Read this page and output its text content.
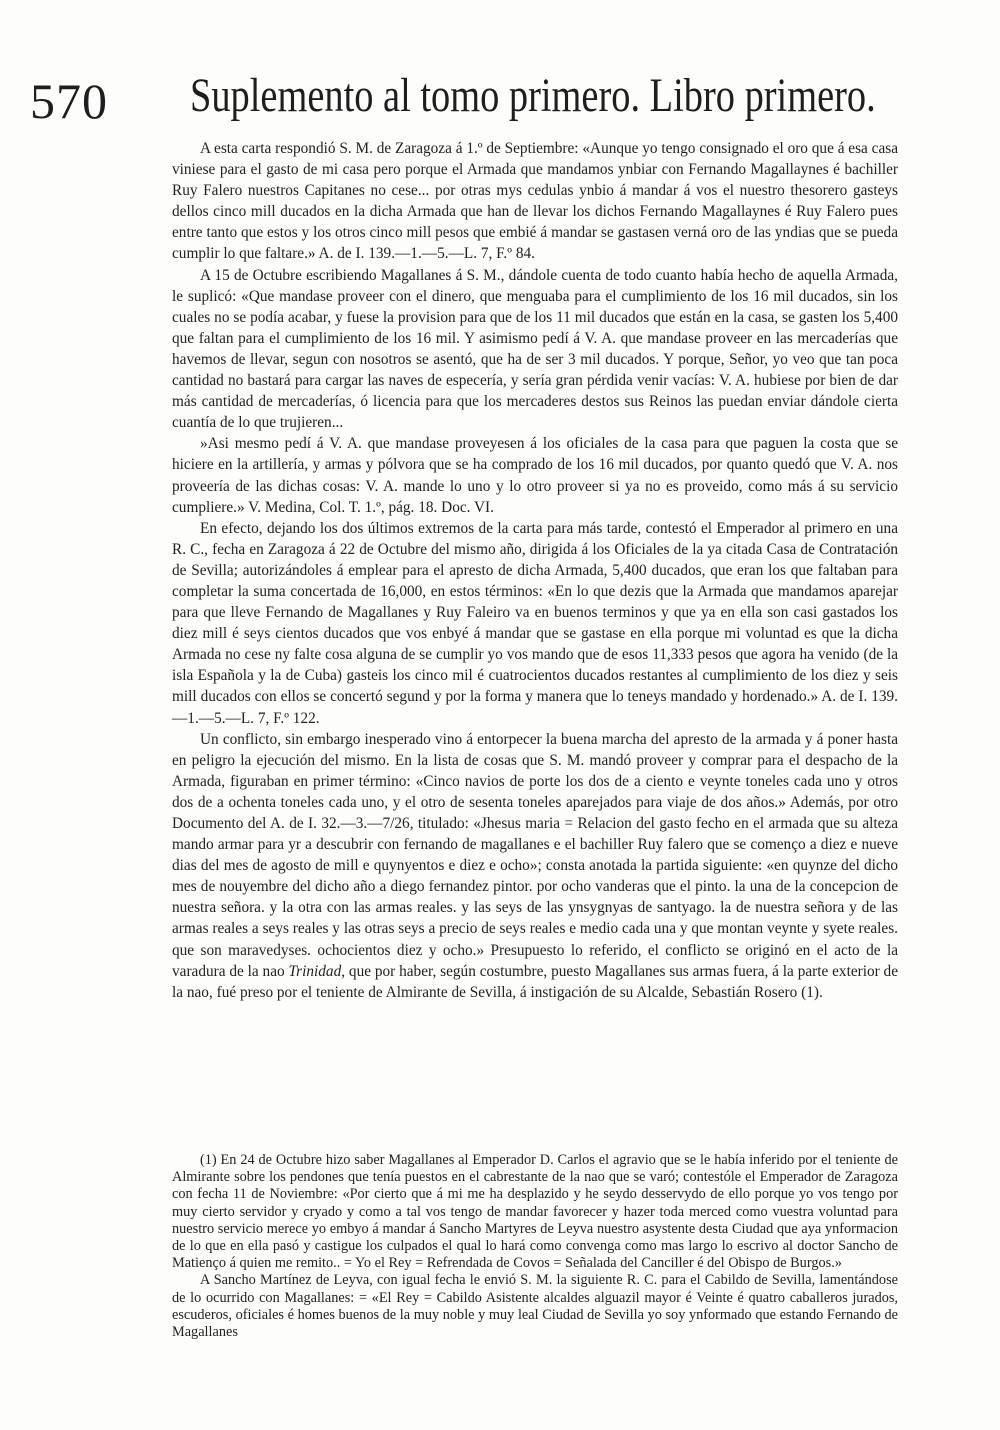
570 Suplemento al tomo primero. Libro primero.

A esta carta respondió S. M. de Zaragoza á 1.º de Septiembre: «Aunque yo tengo consignado el oro que á esa casa viniese para el gasto de mi casa pero porque el Armada que mandamos ynbiar con Fernando Magallaynes é bachiller Ruy Falero nuestros Capitanes no cese... por otras mys cedulas ynbio á mandar á vos el nuestro thesorero gasteys dellos cinco mill ducados en la dicha Armada que han de llevar los dichos Fernando Magallaynes é Ruy Falero pues entre tanto que estos y los otros cinco mill pesos que embié á mandar se gastasen verná oro de las yndias que se pueda cumplir lo que faltare.» A. de I. 139.—1.—5.—L. 7, F.º 84.

A 15 de Octubre escribiendo Magallanes á S. M., dándole cuenta de todo cuanto había hecho de aquella Armada, le suplicó: «Que mandase proveer con el dinero, que menguaba para el cumplimiento de los 16 mil ducados, sin los cuales no se podía acabar, y fuese la provision para que de los 11 mil ducados que están en la casa, se gasten los 5,400 que faltan para el cumplimiento de los 16 mil. Y asimismo pedí á V. A. que mandase proveer en las mercaderías que havemos de llevar, segun con nosotros se asentó, que ha de ser 3 mil ducados. Y porque, Señor, yo veo que tan poca cantidad no bastará para cargar las naves de especería, y sería gran pérdida venir vacías: V. A. hubiese por bien de dar más cantidad de mercaderías, ó licencia para que los mercaderes destos sus Reinos las puedan enviar dándole cierta cuantía de lo que trujieren...

»Asi mesmo pedí á V. A. que mandase proveyesen á los oficiales de la casa para que paguen la costa que se hiciere en la artillería, y armas y pólvora que se ha comprado de los 16 mil ducados, por quanto quedó que V. A. nos proveería de las dichas cosas: V. A. mande lo uno y lo otro proveer si ya no es proveido, como más á su servicio cumpliere.» V. Medina, Col. T. 1.º, pág. 18. Doc. VI.

En efecto, dejando los dos últimos extremos de la carta para más tarde, contestó el Emperador al primero en una R. C., fecha en Zaragoza á 22 de Octubre del mismo año, dirigida á los Oficiales de la ya citada Casa de Contratación de Sevilla; autorizándoles á emplear para el apresto de dicha Armada, 5,400 ducados, que eran los que faltaban para completar la suma concertada de 16,000, en estos términos: «En lo que dezis que la Armada que mandamos aparejar para que lleve Fernando de Magallanes y Ruy Faleiro va en buenos terminos y que ya en ella son casi gastados los diez mill é seys cientos ducados que vos enbyé á mandar que se gastase en ella porque mi voluntad es que la dicha Armada no cese ny falte cosa alguna de se cumplir yo vos mando que de esos 11,333 pesos que agora ha venido (de la isla Española y la de Cuba) gasteis los cinco mil é cuatrocientos ducados restantes al cumplimiento de los diez y seis mill ducados con ellos se concertó segund y por la forma y manera que lo teneys mandado y hordenado.» A. de I. 139.—1.—5.—L. 7, F.º 122.

Un conflicto, sin embargo inesperado vino á entorpecer la buena marcha del apresto de la armada y á poner hasta en peligro la ejecución del mismo. En la lista de cosas que S. M. mandó proveer y comprar para el despacho de la Armada, figuraban en primer término: «Cinco navios de porte los dos de a ciento e veynte toneles cada uno y otros dos de a ochenta toneles cada uno, y el otro de sesenta toneles aparejados para viaje de dos años.» Además, por otro Documento del A. de I. 32.—3.—7/26, titulado: «Jhesus maria = Relacion del gasto fecho en el armada que su alteza mando armar para yr a descubrir con fernando de magallanes e el bachiller Ruy falero que se començo a diez e nueve dias del mes de agosto de mill e quynyentos e diez e ocho»; consta anotada la partida siguiente: «en quynze del dicho mes de nouyembre del dicho año a diego fernandez pintor. por ocho vanderas que el pinto. la una de la concepcion de nuestra señora. y la otra con las armas reales. y las seys de las ynsygnyas de santyago. la de nuestra señora y de las armas reales a seys reales y las otras seys a precio de seys reales e medio cada una y que montan veynte y syete reales. que son maravedyses. ochocientos diez y ocho.» Presupuesto lo referido, el conflicto se originó en el acto de la varadura de la nao Trinidad, que por haber, según costumbre, puesto Magallanes sus armas fuera, á la parte exterior de la nao, fué preso por el teniente de Almirante de Sevilla, á instigación de su Alcalde, Sebastián Rosero (1).

(1) En 24 de Octubre hizo saber Magallanes al Emperador D. Carlos el agravio que se le había inferido por el teniente de Almirante sobre los pendones que tenía puestos en el cabrestante de la nao que se varó; contestóle el Emperador de Zaragoza con fecha 11 de Noviembre: «Por cierto que á mi me ha desplazido y he seydo desservydo de ello porque yo vos tengo por muy cierto servidor y cryado y como a tal vos tengo de mandar favorecer y hazer toda merced como vuestra voluntad para nuestro servicio merece yo embyo á mandar á Sancho Martyres de Leyva nuestro asystente desta Ciudad que aya ynformacion de lo que en ella pasó y castigue los culpados el qual lo hará como convenga como mas largo lo escrivo al doctor Sancho de Matienço á quien me remito.. = Yo el Rey = Refrendada de Covos = Señalada del Canciller é del Obispo de Burgos.»

A Sancho Martínez de Leyva, con igual fecha le envió S. M. la siguiente R. C. para el Cabildo de Sevilla, lamentándose de lo ocurrido con Magallanes: = «El Rey = Cabildo Asistente alcaldes alguazil mayor é Veinte é quatro caballeros jurados, escuderos, oficiales é homes buenos de la muy noble y muy leal Ciudad de Sevilla yo soy ynformado que estando Fernando de Magallanes
